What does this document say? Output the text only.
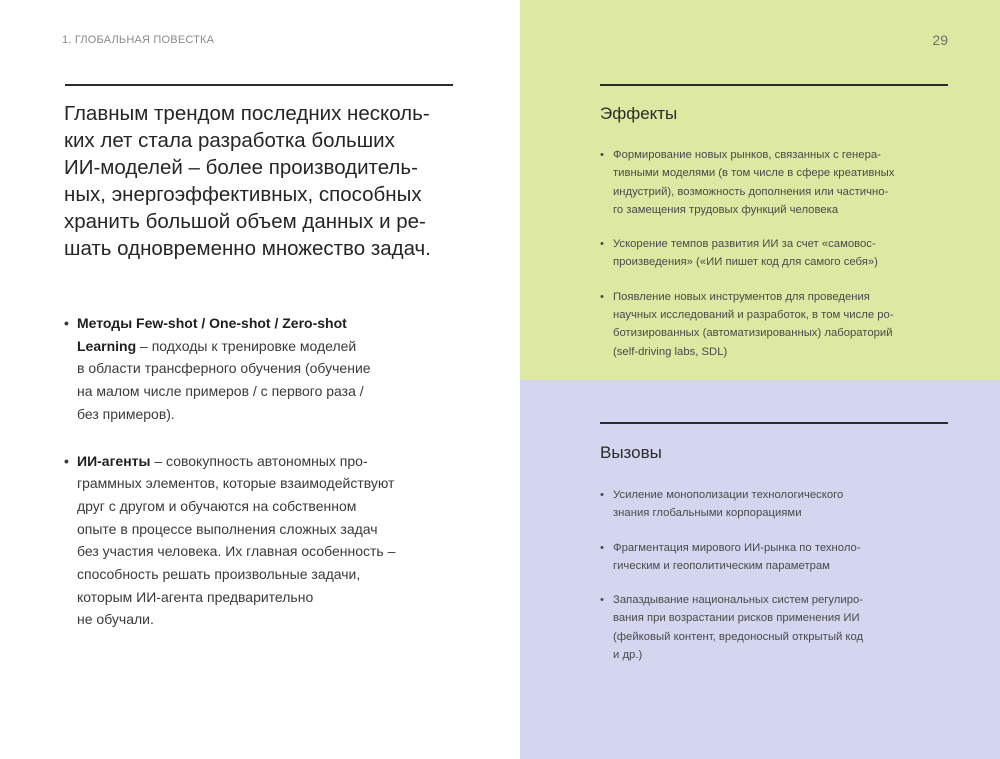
1. ГЛОБАЛЬНАЯ ПОВЕСТКА
Главным трендом последних несколь-
ких лет стала разработка больших
ИИ-моделей – более производитель-
ных, энергоэффективных, способных
хранить большой объем данных и ре-
шать одновременно множество задач.
• Методы Few-shot / One-shot / Zero-shot
Learning – подходы к тренировке моделей
в области трансферного обучения (обучение
на малом числе примеров / с первого раза /
без примеров).
• ИИ-агенты – совокупность автономных про-
граммных элементов, которые взаимодействуют
друг с другом и обучаются на собственном
опыте в процессе выполнения сложных задач
без участия человека. Их главная особенность –
способность решать произвольные задачи,
которым ИИ-агента предварительно
не обучали.
29
Эффекты
• Формирование новых рынков, связанных с генера-
тивными моделями (в том числе в сфере креативных
индустрий), возможность дополнения или частично-
го замещения трудовых функций человека
• Ускорение темпов развития ИИ за счет «самовос-
произведения» («ИИ пишет код для самого себя»)
• Появление новых инструментов для проведения
научных исследований и разработок, в том числе ро-
ботизированных (автоматизированных) лабораторий
(self-driving labs, SDL)
Вызовы
• Усиление монополизации технологического
знания глобальными корпорациями
• Фрагментация мирового ИИ-рынка по техноло-
гическим и геополитическим параметрам
• Запаздывание национальных систем регулиро-
вания при возрастании рисков применения ИИ
(фейковый контент, вредоносный открытый код
и др.)
